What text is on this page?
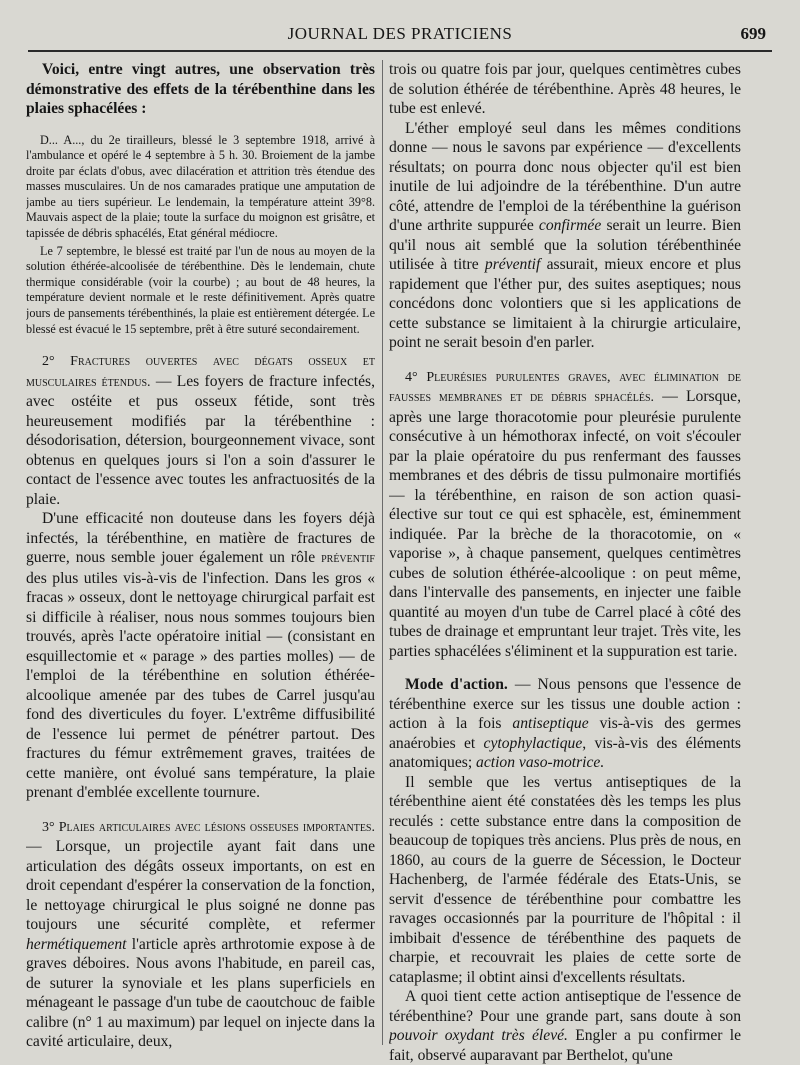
JOURNAL DES PRATICIENS	699

Voici, entre vingt autres, une observation très démonstrative des effets de la térébenthine dans les plaies sphacélées :

D... A..., du 2e tirailleurs, blessé le 3 septembre 1918, arrivé à l'ambulance et opéré le 4 septembre à 5 h. 30. Broiement de la jambe droite par éclats d'obus, avec dilacération et attrition très étendue des masses musculaires. Un de nos camarades pratique une amputation de jambe au tiers supérieur. Le lendemain, la température atteint 39°8. Mauvais aspect de la plaie; toute la surface du moignon est grisâtre, et tapissée de débris sphacélés, Etat général médiocre.

Le 7 septembre, le blessé est traité par l'un de nous au moyen de la solution éthérée-alcoolisée de térébenthine. Dès le lendemain, chute thermique considérable (voir la courbe) ; au bout de 48 heures, la température devient normale et le reste définitivement. Après quatre jours de pansements térébenthinés, la plaie est entièrement détergée. Le blessé est évacué le 15 septembre, prêt à être suturé secondairement.

2° Fractures ouvertes avec dégats osseux et musculaires étendus. — Les foyers de fracture infectés, avec ostéite et pus osseux fétide, sont très heureusement modifiés par la térébenthine : désodorisation, détersion, bourgeonnement vivace, sont obtenus en quelques jours si l'on a soin d'assurer le contact de l'essence avec toutes les anfractuosités de la plaie.

D'une efficacité non douteuse dans les foyers déjà infectés, la térébenthine, en matière de fractures de guerre, nous semble jouer également un rôle préventif des plus utiles vis-à-vis de l'infection. Dans les gros « fracas » osseux, dont le nettoyage chirurgical parfait est si difficile à réaliser, nous nous sommes toujours bien trouvés, après l'acte opératoire initial — (consistant en esquillectomie et « parage » des parties molles) — de l'emploi de la térébenthine en solution éthérée-alcoolique amenée par des tubes de Carrel jusqu'au fond des diverticules du foyer. L'extrême diffusibilité de l'essence lui permet de pénétrer partout. Des fractures du fémur extrêmement graves, traitées de cette manière, ont évolué sans température, la plaie prenant d'emblée excellente tournure.

3° Plaies articulaires avec lésions osseuses importantes. — Lorsque, un projectile ayant fait dans une articulation des dégâts osseux importants, on est en droit cependant d'espérer la conservation de la fonction, le nettoyage chirurgical le plus soigné ne donne pas toujours une sécurité complète, et refermer hermétiquement l'article après arthrotomie expose à de graves déboires. Nous avons l'habitude, en pareil cas, de suturer la synoviale et les plans superficiels en ménageant le passage d'un tube de caoutchouc de faible calibre (n° 1 au maximum) par lequel on injecte dans la cavité articulaire, deux,

trois ou quatre fois par jour, quelques centimètres cubes de solution éthérée de térébenthine. Après 48 heures, le tube est enlevé.

L'éther employé seul dans les mêmes conditions donne — nous le savons par expérience — d'excellents résultats; on pourra donc nous objecter qu'il est bien inutile de lui adjoindre de la térébenthine. D'un autre côté, attendre de l'emploi de la térébenthine la guérison d'une arthrite suppurée confirmée serait un leurre. Bien qu'il nous ait semblé que la solution térébenthinée utilisée à titre préventif assurait, mieux encore et plus rapidement que l'éther pur, des suites aseptiques; nous concédons donc volontiers que si les applications de cette substance se limitaient à la chirurgie articulaire, point ne serait besoin d'en parler.

4° Pleurésies purulentes graves, avec élimination de fausses membranes et de débris sphacélés. — Lorsque, après une large thoracotomie pour pleurésie purulente consécutive à un hémothorax infecté, on voit s'écouler par la plaie opératoire du pus renfermant des fausses membranes et des débris de tissu pulmonaire mortifiés — la térébenthine, en raison de son action quasi-élective sur tout ce qui est sphacèle, est, éminemment indiquée. Par la brèche de la thoracotomie, on « vaporise », à chaque pansement, quelques centimètres cubes de solution éthérée-alcoolique : on peut même, dans l'intervalle des pansements, en injecter une faible quantité au moyen d'un tube de Carrel placé à côté des tubes de drainage et empruntant leur trajet. Très vite, les parties sphacélées s'éliminent et la suppuration est tarie.

Mode d'action. — Nous pensons que l'essence de térébenthine exerce sur les tissus une double action : action à la fois antiseptique vis-à-vis des germes anaérobies et cytophylactique, vis-à-vis des éléments anatomiques; action vaso-motrice.

Il semble que les vertus antiseptiques de la térébenthine aient été constatées dès les temps les plus reculés : cette substance entre dans la composition de beaucoup de topiques très anciens. Plus près de nous, en 1860, au cours de la guerre de Sécession, le Docteur Hachenberg, de l'armée fédérale des Etats-Unis, se servit d'essence de térébenthine pour combattre les ravages occasionnés par la pourriture de l'hôpital : il imbibait d'essence de térébenthine des paquets de charpie, et recouvrait les plaies de cette sorte de cataplasme; il obtint ainsi d'excellents résultats.

A quoi tient cette action antiseptique de l'essence de térébenthine? Pour une grande part, sans doute à son pouvoir oxydant très élevé. Engler a pu confirmer le fait, observé auparavant par Berthelot, qu'une
